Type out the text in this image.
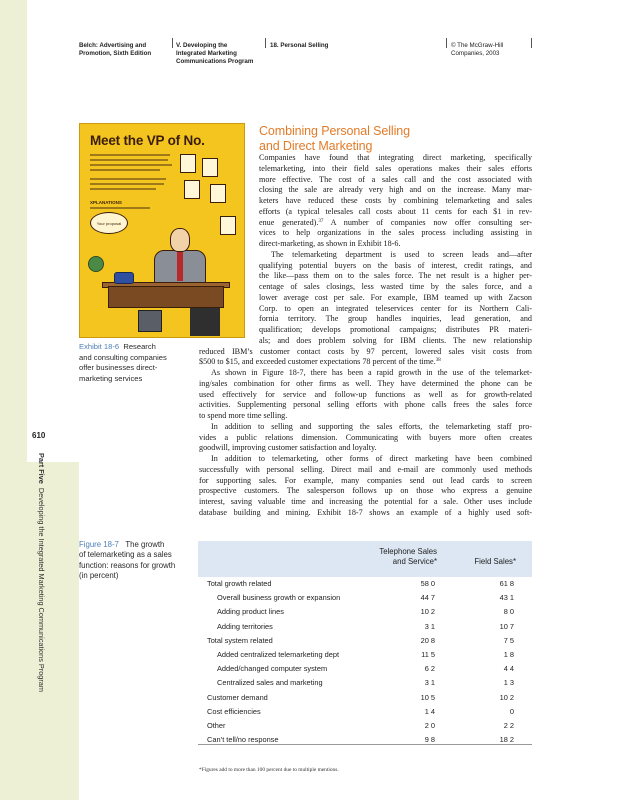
610
Part Five  Developing the Integrated Marketing Communications Program
Belch: Advertising and
Promotion, Sixth Edition
V. Developing the
Integrated Marketing
Communications Program
18. Personal Selling	© The McGraw-Hill
Companies, 2003
Meet the VP of No.
XPLANATIONS
Your proposal
Exhibit 18-6 Research
and consulting companies
offer businesses direct-
marketing services
Combining Personal Selling
and Direct Marketing
Companies have found that integrating direct marketing, specifically
telemarketing, into their field sales operations makes their sales efforts
more effective. The cost of a sales call and the cost associated with
closing the sale are already very high and on the increase. Many mar-
keters have reduced these costs by combining telemarketing and sales
efforts (a typical telesales call costs about 11 cents for each $1 in rev-
enue generated).$^{37}$ A number of companies now offer consulting ser-
vices to help organizations in the sales process including assisting in
direct-marketing, as shown in Exhibit 18-6.
The telemarketing department is used to screen leads and—after
qualifying potential buyers on the basis of interest, credit ratings, and
the like—pass them on to the sales force. The net result is a higher per-
centage of sales closings, less wasted time by the sales force, and a
lower average cost per sale. For example, IBM teamed up with Zacson
Corp. to open an integrated teleservices center for its Northern Cali-
fornia territory. The group handles inquiries, lead generation, and
qualification; develops promotional campaigns; distributes PR materi-
als; and does problem solving for IBM clients. The new relationship
reduced IBM’s customer contact costs by 97 percent, lowered sales visit costs from
$500 to $15, and exceeded customer expectations 78 percent of the time.$^{38}$
As shown in Figure 18-7, there has been a rapid growth in the use of the telemarket-
ing/sales combination for other firms as well. They have determined the phone can be
used effectively for service and follow-up functions as well as for growth-related
activities. Supplementing personal selling efforts with phone calls frees the sales force
to spend more time selling.
In addition to selling and supporting the sales efforts, the telemarketing staff pro-
vides a public relations dimension. Communicating with buyers more often creates
goodwill, improving customer satisfaction and loyalty.
In addition to telemarketing, other forms of direct marketing have been combined
successfully with personal selling. Direct mail and e-mail are commonly used methods
for supporting sales. For example, many companies send out lead cards to screen
prospective customers. The salesperson follows up on those who express a genuine
interest, saving valuable time and increasing the potential for a sale. Other uses include
database building and mining. Exhibit 18-7 shows an example of a highly used soft-
Figure 18-7 The growth
of telemarketing as a sales
function: reasons for growth
(in percent)
Telephone Sales
and Service*	Field Sales*
Total growth related	58 0	61 8
Overall business growth or expansion	44 7	43 1
Adding product lines	10 2	8 0
Adding territories	3 1	10 7
Total system related	20 8	7 5
Added centralized telemarketing dept	11 5	1 8
Added/changed computer system	6 2	4 4
Centralized sales and marketing	3 1	1 3
Customer demand	10 5	10 2
Cost efficiencies	1 4	0
Other	2 0	2 2
Can’t tell/no response	9 8	18 2
*Figures add to more than 100 percent due to multiple mentions.
